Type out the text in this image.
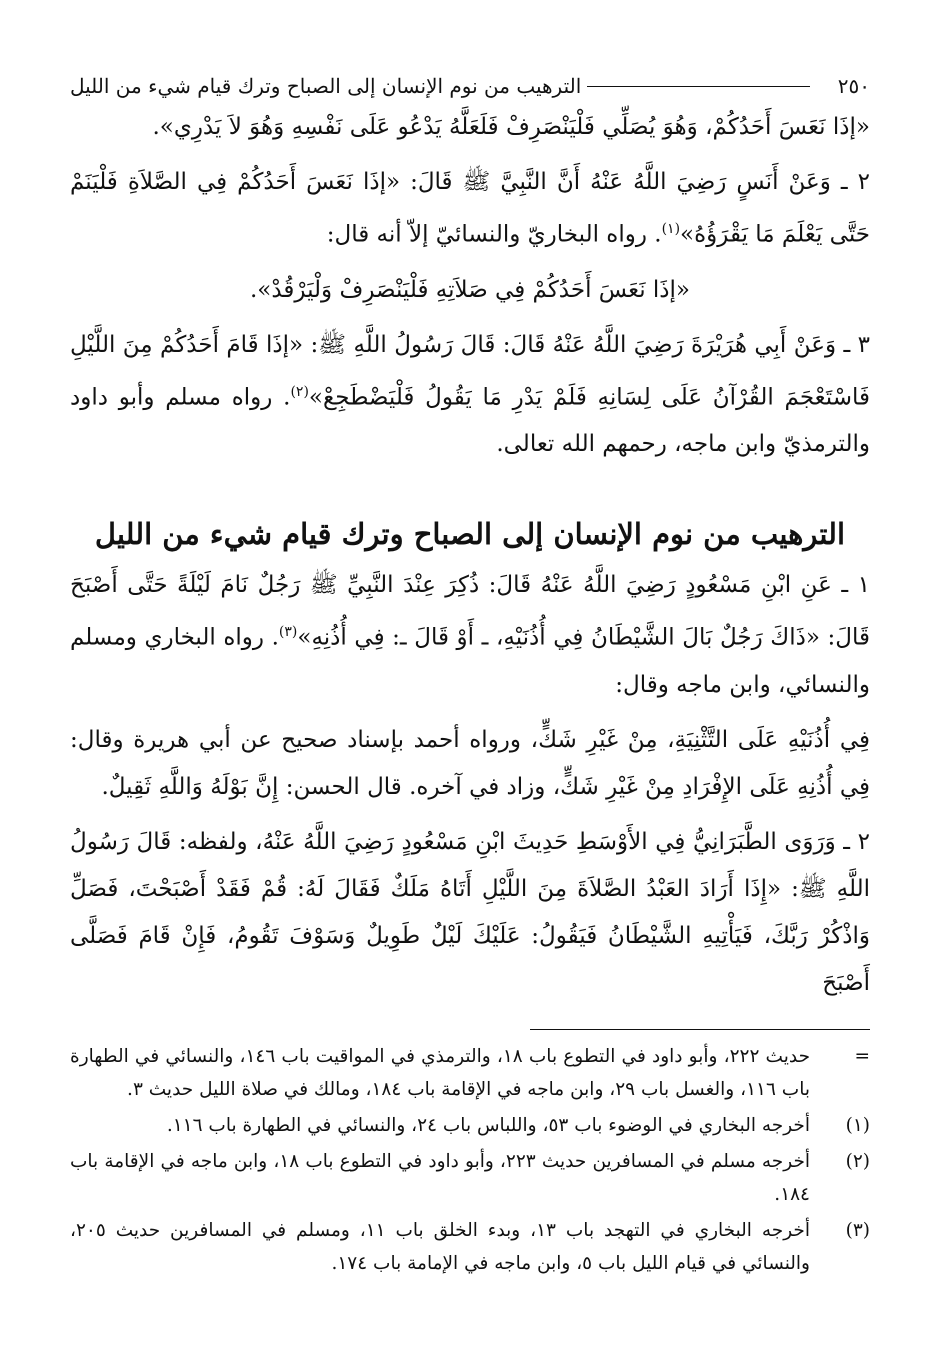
٢٥٠
الترهيب من نوم الإنسان إلى الصباح وترك قيام شيء من الليل

«إذَا نَعَسَ أَحَدُكُمْ، وَهُوَ يُصَلِّي فَلْيَنْصَرِفْ فَلَعَلَّهُ يَدْعُو عَلَى نَفْسِهِ وَهُوَ لاَ يَدْرِي».

٢ ـ وَعَنْ أَنَسٍ رَضِيَ اللَّهُ عَنْهُ أَنَّ النَّبِيَّ ﷺ قَالَ: «إذَا نَعَسَ أَحَدُكُمْ فِي الصَّلاَةِ فَلْيَنَمْ حَتَّى يَعْلَمَ مَا يَقْرَؤُهُ»$^{(١)}$. رواه البخاريّ والنسائيّ إلاّ أنه قال:

«إذَا نَعَسَ أَحَدُكُمْ فِي صَلاَتِهِ فَلْيَنْصَرِفْ وَلْيَرْقُدْ».

٣ ـ وَعَنْ أَبِي هُرَيْرَةَ رَضِيَ اللَّهُ عَنْهُ قَالَ: قَالَ رَسُولُ اللَّهِ ﷺ: «إذَا قَامَ أَحَدُكُمْ مِنَ اللَّيْلِ فَاسْتَعْجَمَ القُرْآنُ عَلَى لِسَانِهِ فَلَمْ يَدْرِ مَا يَقُولُ فَلْيَضْطَجِعْ»$^{(٢)}$. رواه مسلم وأبو داود والترمذيّ وابن ماجه، رحمهم الله تعالى.

الترهيب من نوم الإنسان إلى الصباح وترك قيام شيء من الليل

١ ـ عَنِ ابْنِ مَسْعُودٍ رَضِيَ اللَّهُ عَنْهُ قَالَ: ذُكِرَ عِنْدَ النَّبِيِّ ﷺ رَجُلٌ نَامَ لَيْلَةً حَتَّى أَصْبَحَ قَالَ: «ذَاكَ رَجُلٌ بَالَ الشَّيْطَانُ فِي أُذُنَيْهِ، ـ أَوْ قَالَ ـ: فِي أُذُنِهِ»$^{(٣)}$. رواه البخاري ومسلم والنسائي، وابن ماجه وقال:

فِي أُذُنَيْهِ عَلَى التَّثْنِيَةِ، مِنْ غَيْرِ شَكٍّ، ورواه أحمد بإسناد صحيح عن أبي هريرة وقال: فِي أُذُنِهِ عَلَى الإِفْرَادِ مِنْ غَيْرِ شَكٍّ، وزاد في آخره. قال الحسن: إِنَّ بَوْلَهُ وَاللَّهِ ثَقِيلٌ.

٢ ـ وَرَوَى الطَّبَرَانِيُّ فِي الأَوْسَطِ حَدِيثَ ابْنِ مَسْعُودٍ رَضِيَ اللَّهُ عَنْهُ، ولفظه: قَالَ رَسُولُ اللَّهِ ﷺ: «إِذَا أَرَادَ العَبْدُ الصَّلاَةَ مِنَ اللَّيْلِ أَتَاهُ مَلَكٌ فَقَالَ لَهُ: قُمْ فَقَدْ أَصْبَحْتَ، فَصَلِّ وَاذْكُرْ رَبَّكَ، فَيَأْتِيهِ الشَّيْطَانُ فَيَقُولُ: عَلَيْكَ لَيْلٌ طَوِيلٌ وَسَوْفَ تَقُومُ، فَإِنْ قَامَ فَصَلَّى أَصْبَحَ

=
حديث ٢٢٢، وأبو داود في التطوع باب ١٨، والترمذي في المواقيت باب ١٤٦، والنسائي في الطهارة باب ١١٦، والغسل باب ٢٩، وابن ماجه في الإقامة باب ١٨٤، ومالك في صلاة الليل حديث ٣.
(١)
أخرجه البخاري في الوضوء باب ٥٣، واللباس باب ٢٤، والنسائي في الطهارة باب ١١٦.
(٢)
أخرجه مسلم في المسافرين حديث ٢٢٣، وأبو داود في التطوع باب ١٨، وابن ماجه في الإقامة باب ١٨٤.
(٣)
أخرجه البخاري في التهجد باب ١٣، وبدء الخلق باب ١١، ومسلم في المسافرين حديث ٢٠٥، والنسائي في قيام الليل باب ٥، وابن ماجه في الإمامة باب ١٧٤.
